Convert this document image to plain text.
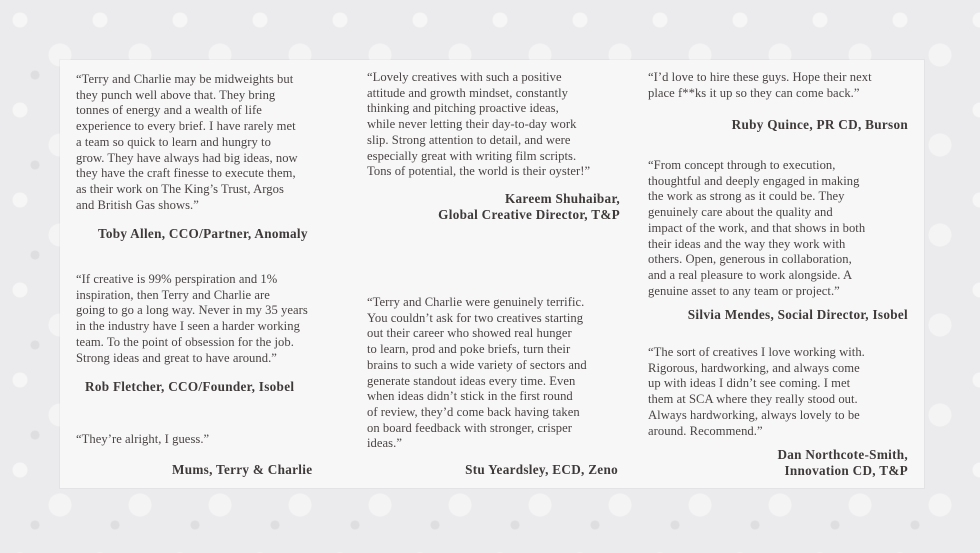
“Terry and Charlie may be midweights but
they punch well above that. They bring
tonnes of energy and a wealth of life
experience to every brief. I have rarely met
a team so quick to learn and hungry to
grow. They have always had big ideas, now
they have the craft finesse to execute them,
as their work on The King’s Trust, Argos
and British Gas shows.”
Toby Allen, CCO/Partner, Anomaly
“If creative is 99% perspiration and 1%
inspiration, then Terry and Charlie are
going to go a long way. Never in my 35 years
in the industry have I seen a harder working
team. To the point of obsession for the job.
Strong ideas and great to have around.”
Rob Fletcher, CCO/Founder, Isobel
“They’re alright, I guess.”
Mums, Terry & Charlie
“Lovely creatives with such a positive
attitude and growth mindset, constantly
thinking and pitching proactive ideas,
while never letting their day-to-day work
slip. Strong attention to detail, and were
especially great with writing film scripts.
Tons of potential, the world is their oyster!”
Kareem Shuhaibar,
Global Creative Director, T&P
“Terry and Charlie were genuinely terrific.
You couldn’t ask for two creatives starting
out their career who showed real hunger
to learn, prod and poke briefs, turn their
brains to such a wide variety of sectors and
generate standout ideas every time. Even
when ideas didn’t stick in the first round
of review, they’d come back having taken
on board feedback with stronger, crisper
ideas.”
Stu Yeardsley, ECD, Zeno
“I’d love to hire these guys. Hope their next
place f**ks it up so they can come back.”
Ruby Quince, PR CD, Burson
“From concept through to execution,
thoughtful and deeply engaged in making
the work as strong as it could be. They
genuinely care about the quality and
impact of the work, and that shows in both
their ideas and the way they work with
others. Open, generous in collaboration,
and a real pleasure to work alongside. A
genuine asset to any team or project.”
Silvia Mendes, Social Director, Isobel
“The sort of creatives I love working with.
Rigorous, hardworking, and always come
up with ideas I didn’t see coming. I met
them at SCA where they really stood out.
Always hardworking, always lovely to be
around. Recommend.”
Dan Northcote-Smith,
Innovation CD, T&P
